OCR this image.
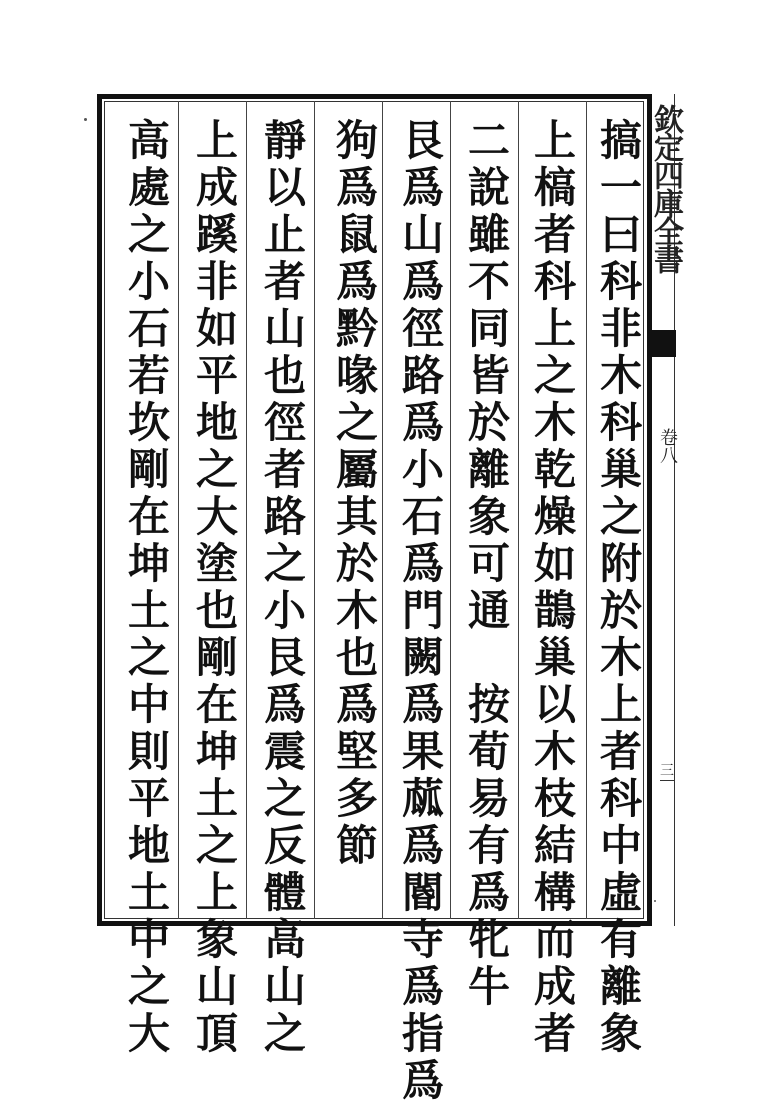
搞一曰科非木科巢之附於木上者科中虛有離象
上槁者科上之木乾燥如鵲巢以木枝結構而成者
二說雖不同皆於離象可通　按荀易有爲牝牛
艮爲山爲徑路爲小石爲門闕爲果蓏爲閽寺爲指爲
狗爲鼠爲黔喙之屬其於木也爲堅多節
靜以止者山也徑者路之小艮爲震之反體高山之
上成蹊非如平地之大塗也剛在坤土之上象山頂
高處之小石若坎剛在坤土之中則平地土中之大	欽定四庫全書
卷八
三
